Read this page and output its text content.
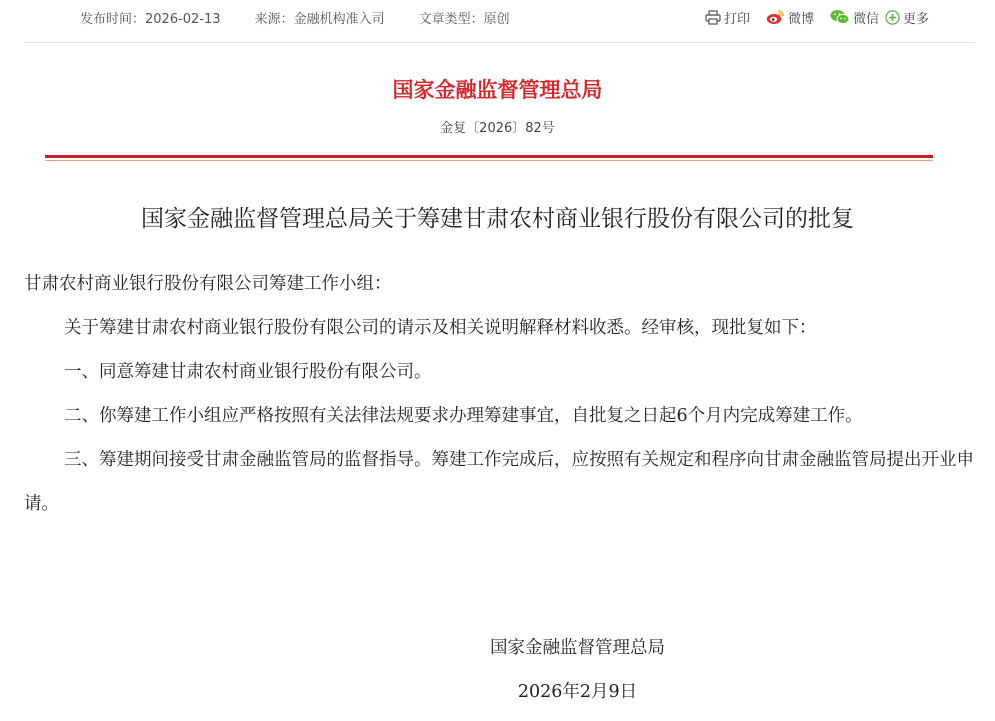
发布时间：2026-02-13	来源：金融机构准入司	文章类型：原创	打印	微博	微信 更多
国家金融监督管理总局
金复〔2026〕82号
国家金融监督管理总局关于筹建甘肃农村商业银行股份有限公司的批复

甘肃农村商业银行股份有限公司筹建工作小组：

关于筹建甘肃农村商业银行股份有限公司的请示及相关说明解释材料收悉。经审核，现批复如下：

一、同意筹建甘肃农村商业银行股份有限公司。

二、你筹建工作小组应严格按照有关法律法规要求办理筹建事宜，自批复之日起6个月内完成筹建工作。

三、筹建期间接受甘肃金融监管局的监督指导。筹建工作完成后，应按照有关规定和程序向甘肃金融监管局提出开业申请。

国家金融监督管理总局
2026年2月9日
